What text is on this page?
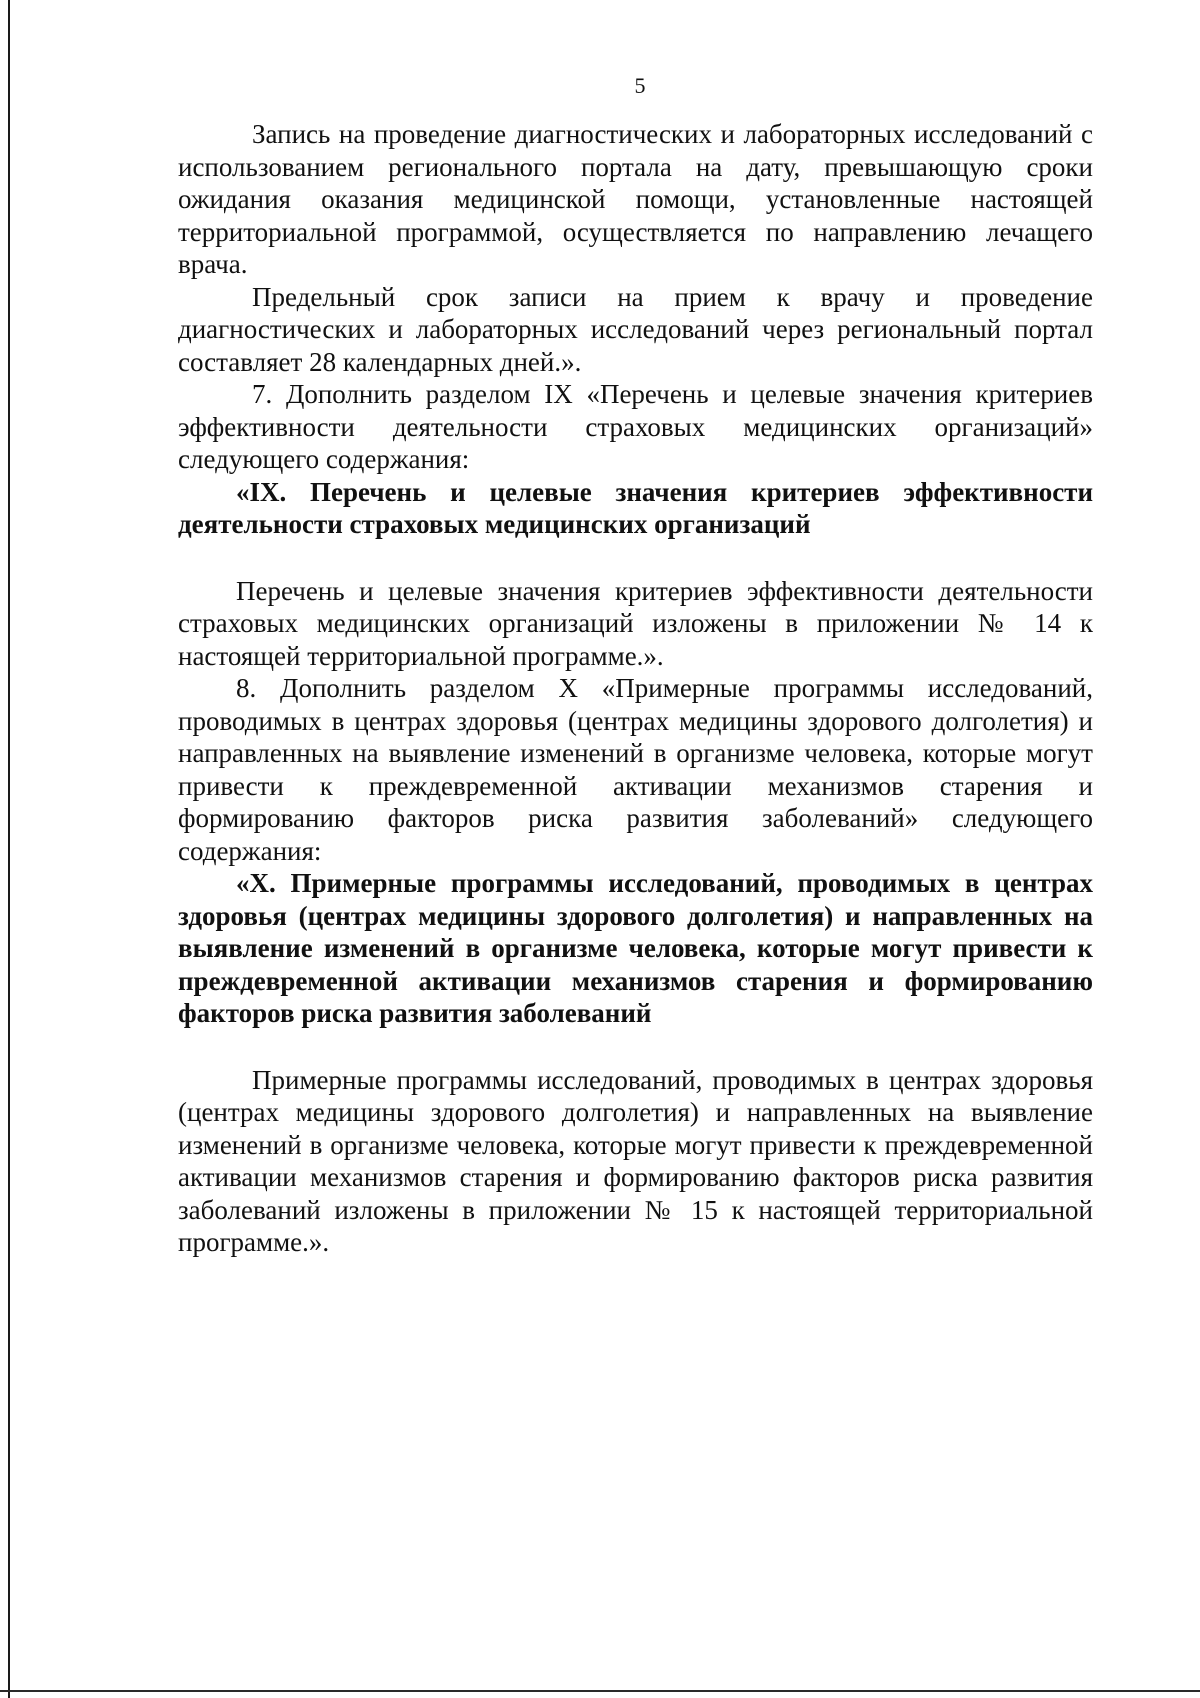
5

Запись на проведение диагностических и лабораторных исследований с использованием регионального портала на дату, превышающую сроки ожидания оказания медицинской помощи, установленные настоящей территориальной программой, осуществляется по направлению лечащего врача.

Предельный срок записи на прием к врачу и проведение диагностических и лабораторных исследований через региональный портал составляет 28 календарных дней.».

7. Дополнить разделом IX «Перечень и целевые значения критериев эффективности деятельности страховых медицинских организаций» следующего содержания:

«IX. Перечень и целевые значения критериев эффективности деятельности страховых медицинских организаций

Перечень и целевые значения критериев эффективности деятельности страховых медицинских организаций изложены в приложении № 14 к настоящей территориальной программе.».

8. Дополнить разделом X «Примерные программы исследований, проводимых в центрах здоровья (центрах медицины здорового долголетия) и направленных на выявление изменений в организме человека, которые могут привести к преждевременной активации механизмов старения и формированию факторов риска развития заболеваний» следующего содержания:

«X. Примерные программы исследований, проводимых в центрах здоровья (центрах медицины здорового долголетия) и направленных на выявление изменений в организме человека, которые могут привести к преждевременной активации механизмов старения и формированию факторов риска развития заболеваний

Примерные программы исследований, проводимых в центрах здоровья (центрах медицины здорового долголетия) и направленных на выявление изменений в организме человека, которые могут привести к преждевременной активации механизмов старения и формированию факторов риска развития заболеваний изложены в приложении № 15 к настоящей территориальной программе.».
